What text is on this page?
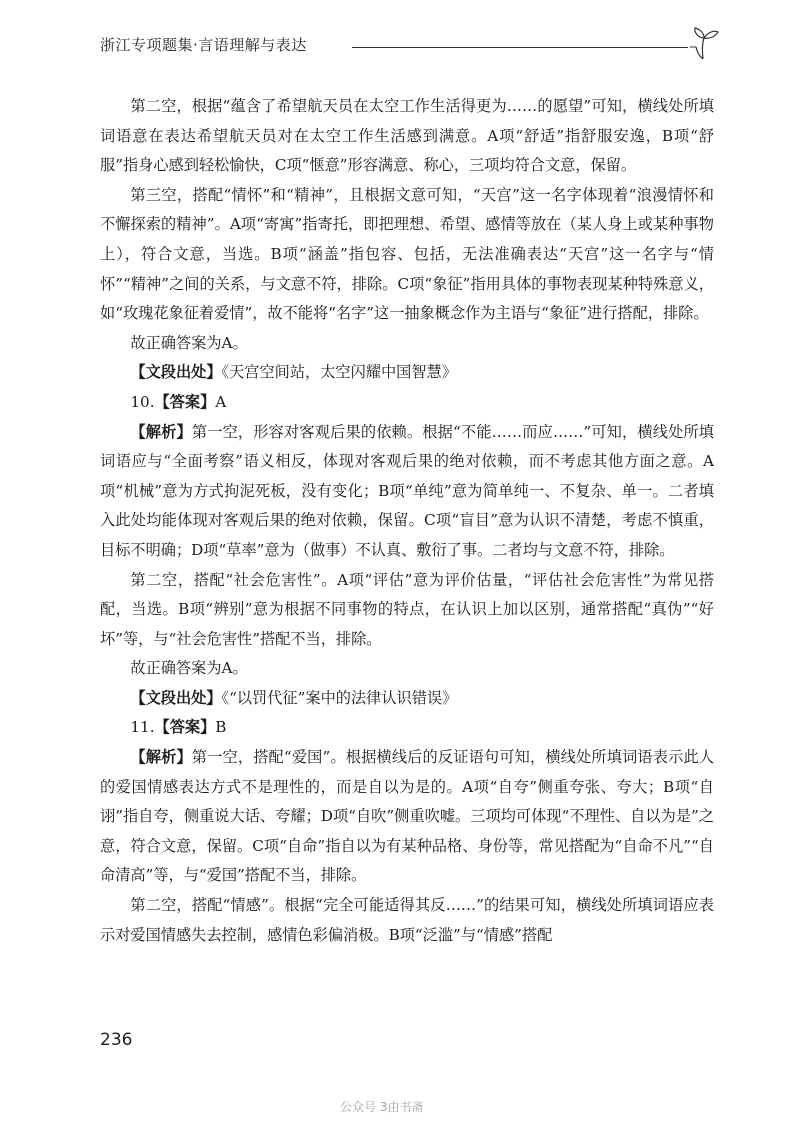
浙江专项题集·言语理解与表达

第二空，根据“蕴含了希望航天员在太空工作生活得更为……的愿望”可知，横线处所填词语意在表达希望航天员对在太空工作生活感到满意。A项“舒适”指舒服安逸，B项“舒服”指身心感到轻松愉快，C项“惬意”形容满意、称心，三项均符合文意，保留。

第三空，搭配“情怀”和“精神”，且根据文意可知，“天宫”这一名字体现着“浪漫情怀和不懈探索的精神”。A项“寄寓”指寄托，即把理想、希望、感情等放在（某人身上或某种事物上），符合文意，当选。B项“涵盖”指包容、包括，无法准确表达“天宫”这一名字与“情怀”“精神”之间的关系，与文意不符，排除。C项“象征”指用具体的事物表现某种特殊意义，如“玫瑰花象征着爱情”，故不能将“名字”这一抽象概念作为主语与“象征”进行搭配，排除。

故正确答案为A。

【文段出处】《天宫空间站，太空闪耀中国智慧》

10.【答案】A

【解析】第一空，形容对客观后果的依赖。根据“不能……而应……”可知，横线处所填词语应与“全面考察”语义相反，体现对客观后果的绝对依赖，而不考虑其他方面之意。A项“机械”意为方式拘泥死板，没有变化；B项“单纯”意为简单纯一、不复杂、单一。二者填入此处均能体现对客观后果的绝对依赖，保留。C项“盲目”意为认识不清楚，考虑不慎重，目标不明确；D项“草率”意为（做事）不认真、敷衍了事。二者均与文意不符，排除。

第二空，搭配“社会危害性”。A项“评估”意为评价估量，“评估社会危害性”为常见搭配，当选。B项“辨别”意为根据不同事物的特点，在认识上加以区别，通常搭配“真伪”“好坏”等，与“社会危害性”搭配不当，排除。

故正确答案为A。

【文段出处】《“以罚代征”案中的法律认识错误》

11.【答案】B

【解析】第一空，搭配“爱国”。根据横线后的反证语句可知，横线处所填词语表示此人的爱国情感表达方式不是理性的，而是自以为是的。A项“自夸”侧重夸张、夸大；B项“自诩”指自夸，侧重说大话、夸耀；D项“自吹”侧重吹嘘。三项均可体现“不理性、自以为是”之意，符合文意，保留。C项“自命”指自以为有某种品格、身份等，常见搭配为“自命不凡”“自命清高”等，与“爱国”搭配不当，排除。

第二空，搭配“情感”。根据“完全可能适得其反……”的结果可知，横线处所填词语应表示对爱国情感失去控制，感情色彩偏消极。B项“泛滥”与“情感”搭配

236
公众号 3由书斋
